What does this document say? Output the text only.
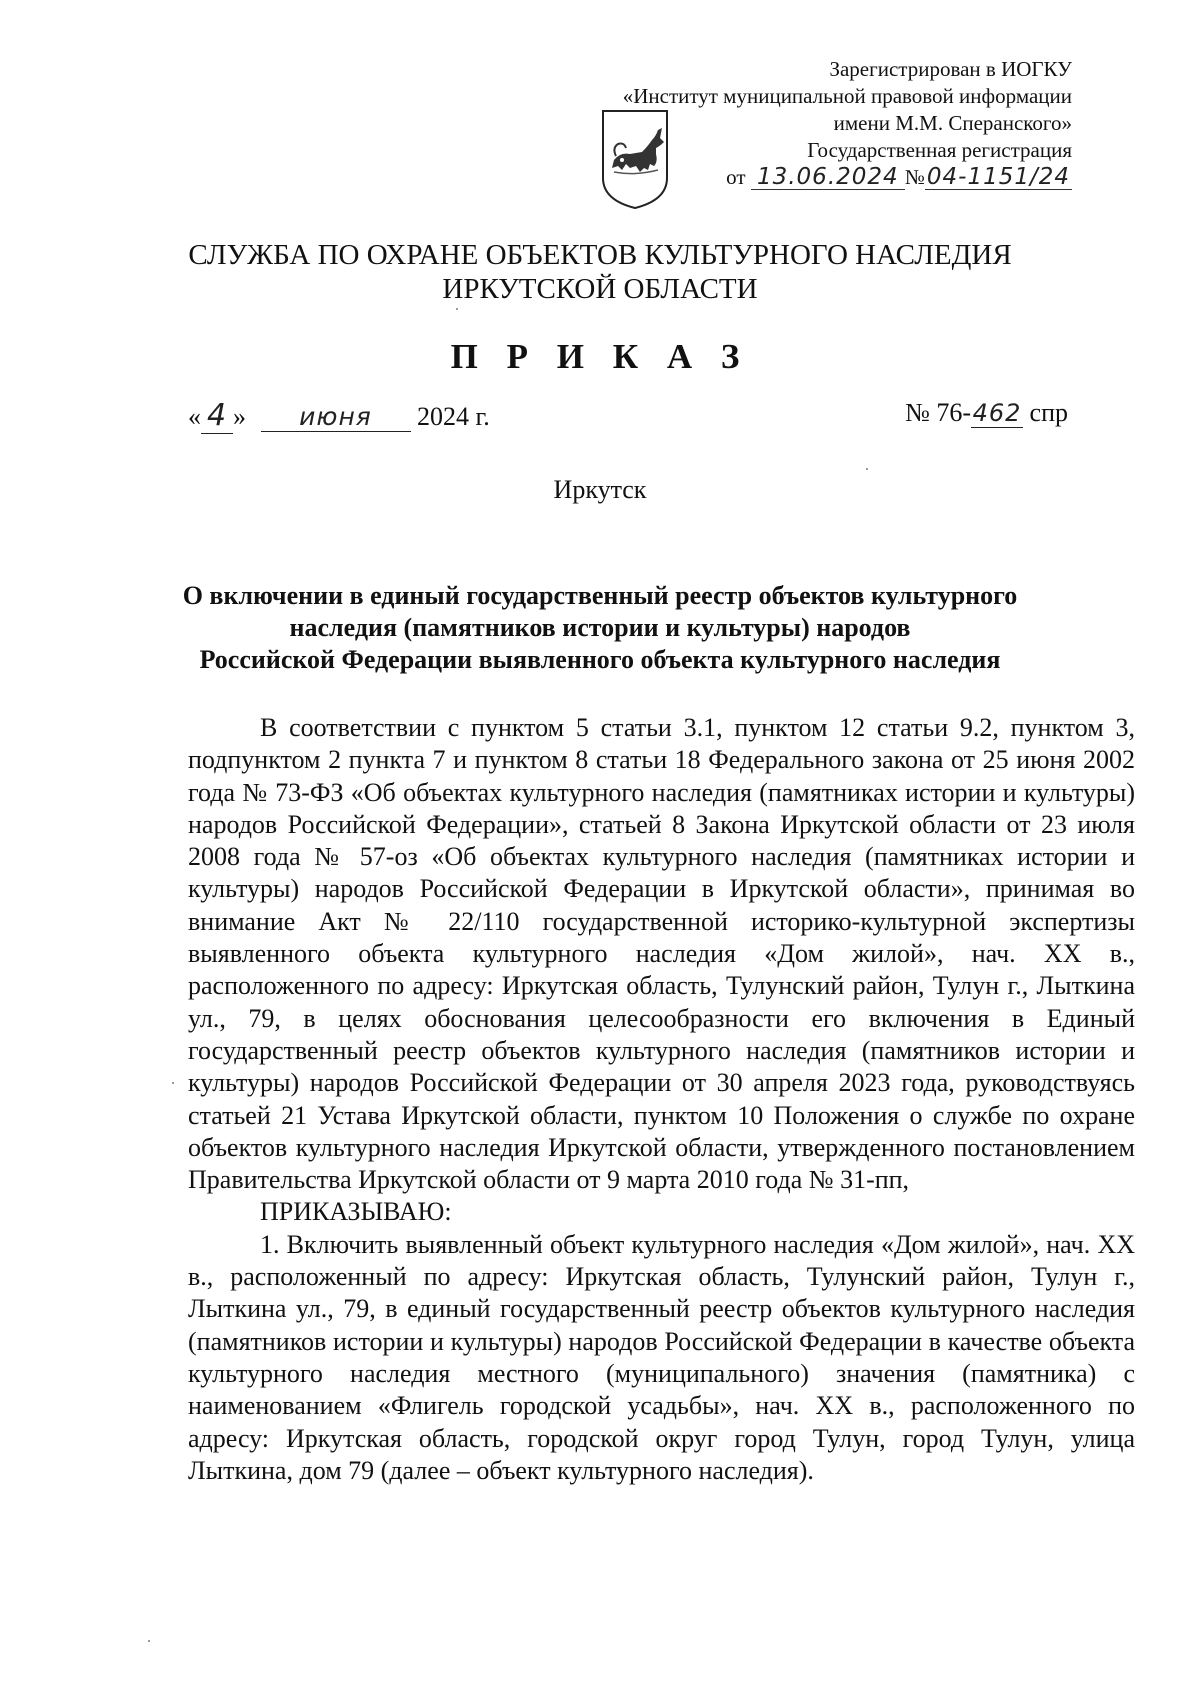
Зарегистрирован в ИОГКУ
«Институт муниципальной правовой информации
имени М.М. Сперанского»
Государственная регистрация
от 13.06.2024 №04-1151/24
СЛУЖБА ПО ОХРАНЕ ОБЪЕКТОВ КУЛЬТУРНОГО НАСЛЕДИЯ
ИРКУТСКОЙ ОБЛАСТИ
П Р И К А З
« 4 » июня 2024 г.	№ 76-462 спр
Иркутск
О включении в единый государственный реестр объектов культурного
наследия (памятников истории и культуры) народов
Российской Федерации выявленного объекта культурного наследия

В соответствии с пунктом 5 статьи 3.1, пунктом 12 статьи 9.2, пунктом 3, подпунктом 2 пункта 7 и пунктом 8 статьи 18 Федерального закона от 25 июня 2002 года № 73-ФЗ «Об объектах культурного наследия (памятниках истории и культуры) народов Российской Федерации», статьей 8 Закона Иркутской области от 23 июля 2008 года № 57-оз «Об объектах культурного наследия (памятниках истории и культуры) народов Российской Федерации в Иркутской области», принимая во внимание Акт № 22/110 государственной историко-культурной экспертизы выявленного объекта культурного наследия «Дом жилой», нач. XX в., расположенного по адресу: Иркутская область, Тулунский район, Тулун г., Лыткина ул., 79, в целях обоснования целесообразности его включения в Единый государственный реестр объектов культурного наследия (памятников истории и культуры) народов Российской Федерации от 30 апреля 2023 года, руководствуясь статьей 21 Устава Иркутской области, пунктом 10 Положения о службе по охране объектов культурного наследия Иркутской области, утвержденного постановлением Правительства Иркутской области от 9 марта 2010 года № 31-пп,

ПРИКАЗЫВАЮ:

1. Включить выявленный объект культурного наследия «Дом жилой», нач. XX в., расположенный по адресу: Иркутская область, Тулунский район, Тулун г., Лыткина ул., 79, в единый государственный реестр объектов культурного наследия (памятников истории и культуры) народов Российской Федерации в качестве объекта культурного наследия местного (муниципального) значения (памятника) с наименованием «Флигель городской усадьбы», нач. XX в., расположенного по адресу: Иркутская область, городской округ город Тулун, город Тулун, улица Лыткина, дом 79 (далее – объект культурного наследия).
